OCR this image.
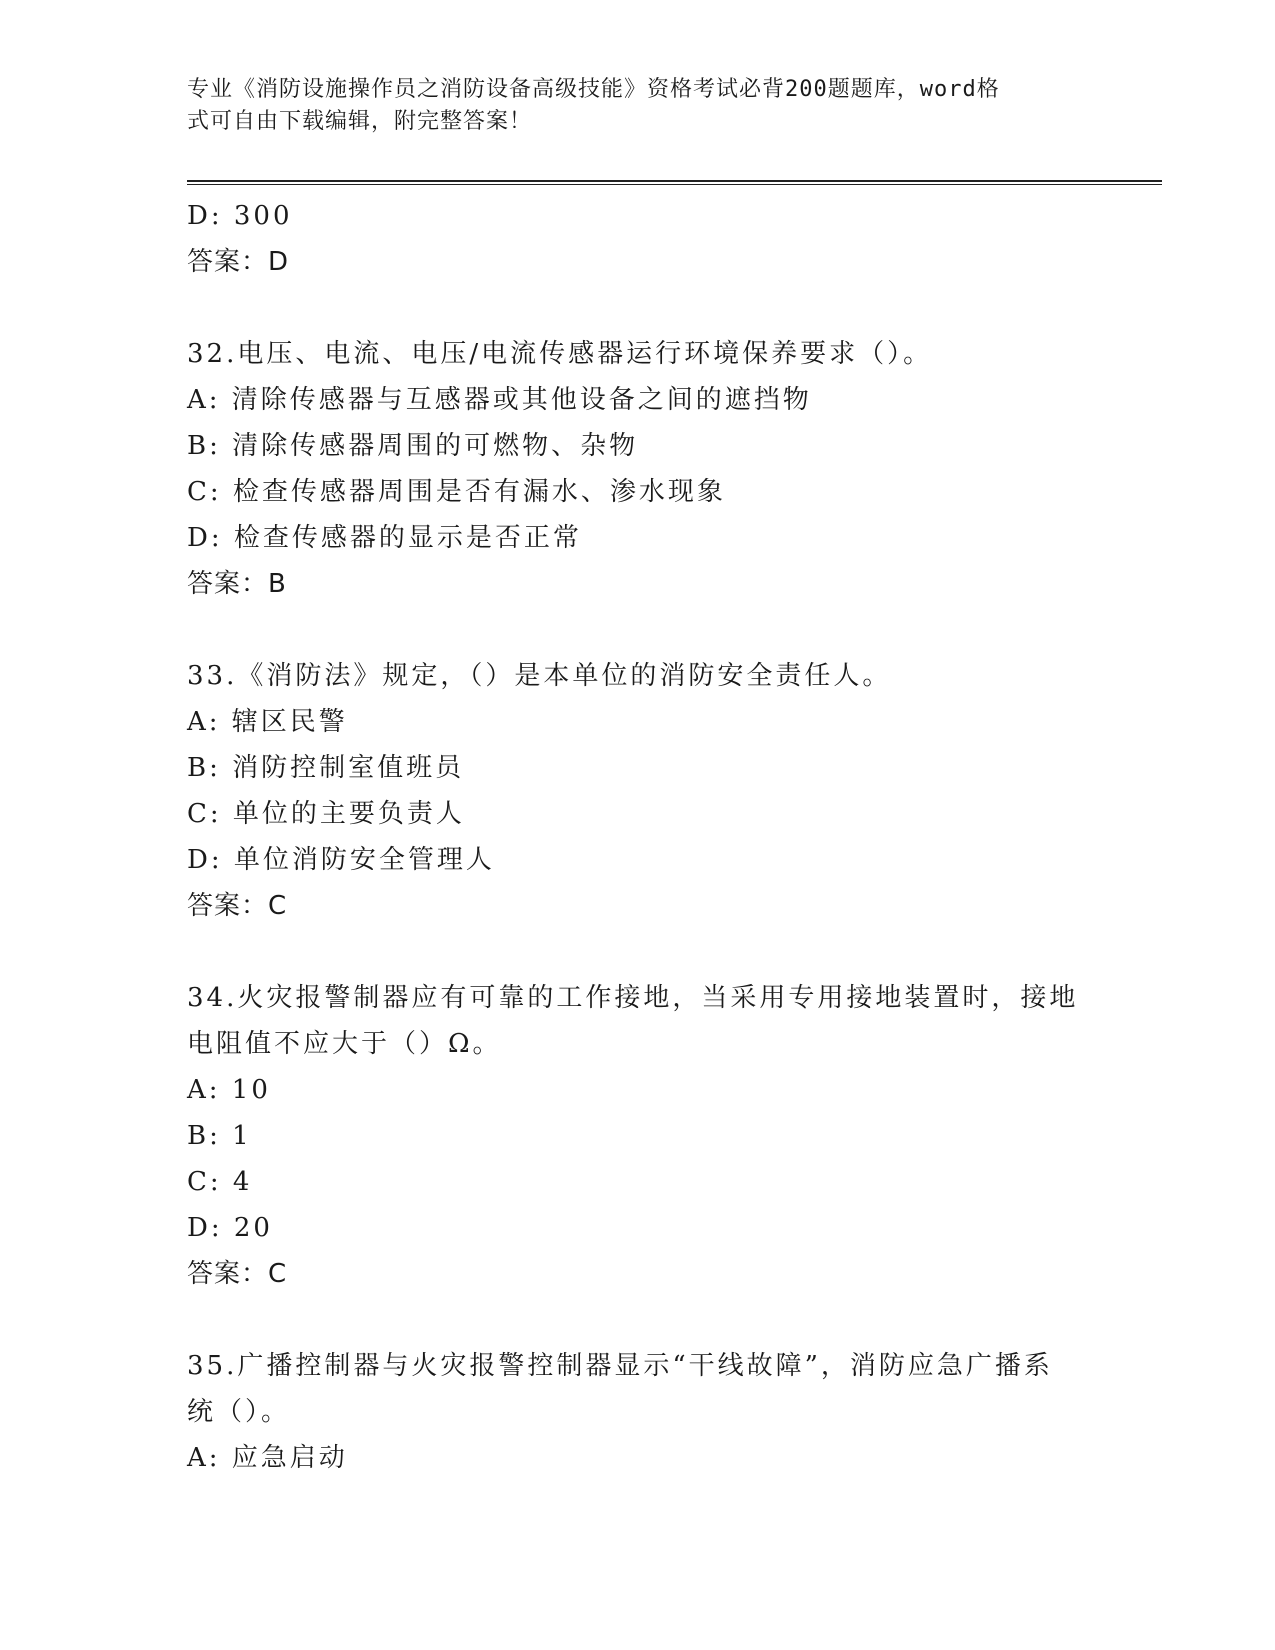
专业《消防设施操作员之消防设备高级技能》资格考试必背200题题库，word格
式可自由下载编辑，附完整答案！
D: 300
答案：D
32.电压、电流、电压/电流传感器运行环境保养要求（）。
A: 清除传感器与互感器或其他设备之间的遮挡物
B: 清除传感器周围的可燃物、杂物
C: 检查传感器周围是否有漏水、渗水现象
D: 检查传感器的显示是否正常
答案：B
33.《消防法》规定，（）是本单位的消防安全责任人。
A: 辖区民警
B: 消防控制室值班员
C: 单位的主要负责人
D: 单位消防安全管理人
答案：C
34.火灾报警制器应有可靠的工作接地，当采用专用接地装置时，接地
电阻值不应大于（）Ω。
A: 10
B: 1
C: 4
D: 20
答案：C
35.广播控制器与火灾报警控制器显示“干线故障”，消防应急广播系
统（）。
A: 应急启动
